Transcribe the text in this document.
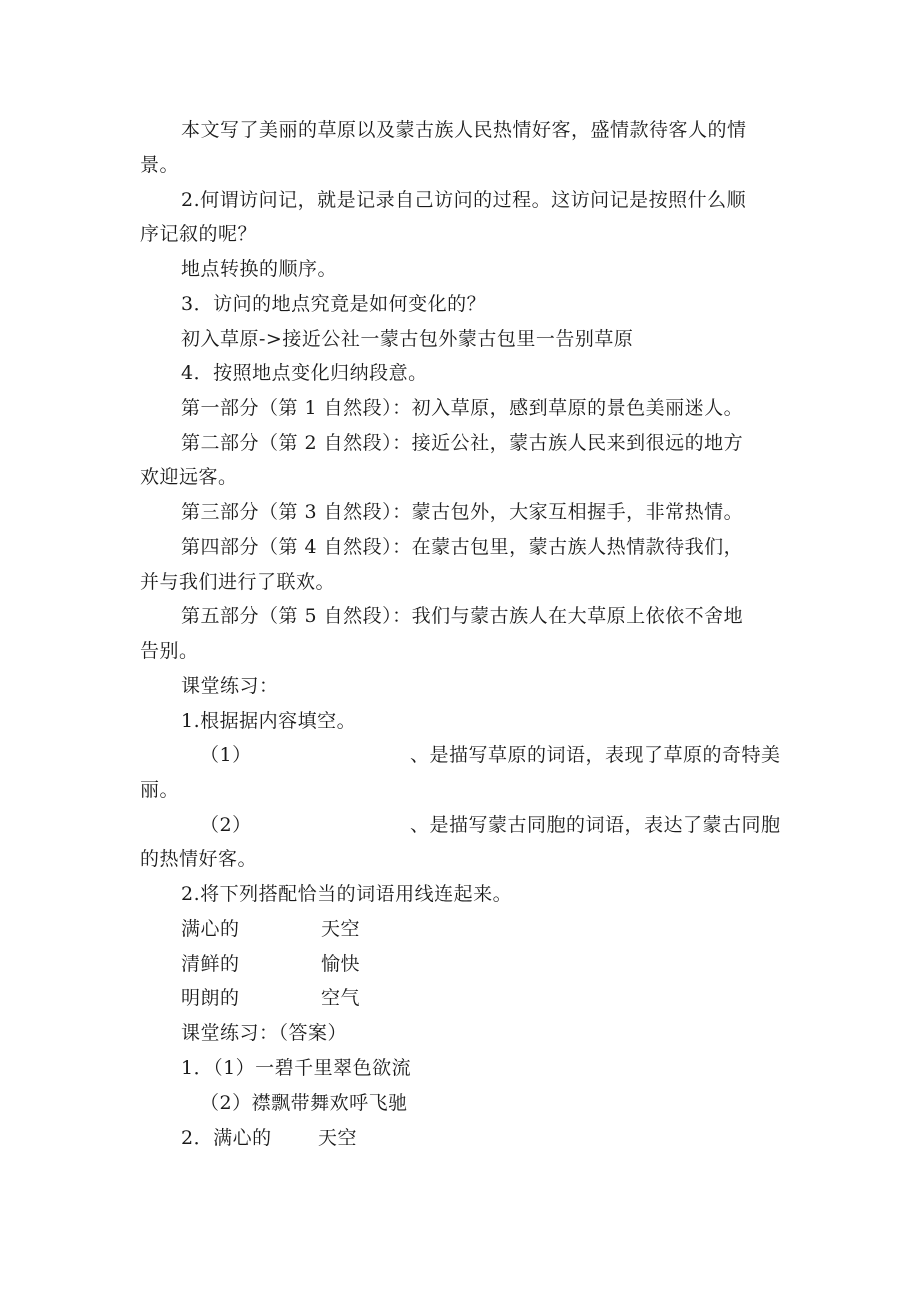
本文写了美丽的草原以及蒙古族人民热情好客，盛情款待客人的情
景。
2.何谓访问记，就是记录自己访问的过程。这访问记是按照什么顺
序记叙的呢？
地点转换的顺序。
3．访问的地点究竟是如何变化的？
初入草原->接近公社一蒙古包外蒙古包里一告别草原
4．按照地点变化归纳段意。
第一部分（第 1 自然段）：初入草原，感到草原的景色美丽迷人。
第二部分（第 2 自然段）：接近公社，蒙古族人民来到很远的地方
欢迎远客。
第三部分（第 3 自然段）：蒙古包外，大家互相握手，非常热情。
第四部分（第 4 自然段）：在蒙古包里，蒙古族人热情款待我们，
并与我们进行了联欢。
第五部分（第 5 自然段）：我们与蒙古族人在大草原上依依不舍地
告别。
课堂练习：
1.根据据内容填空。
（1）	、是描写草原的词语，表现了草原的奇特美
丽。
（2）	、是描写蒙古同胞的词语，表达了蒙古同胞
的热情好客。
2.将下列搭配恰当的词语用线连起来。
满心的	天空
清鲜的	愉快
明朗的	空气
课堂练习：（答案）
1．（1）一碧千里翠色欲流
（2）襟飘带舞欢呼飞驰
2．满心的 天空
